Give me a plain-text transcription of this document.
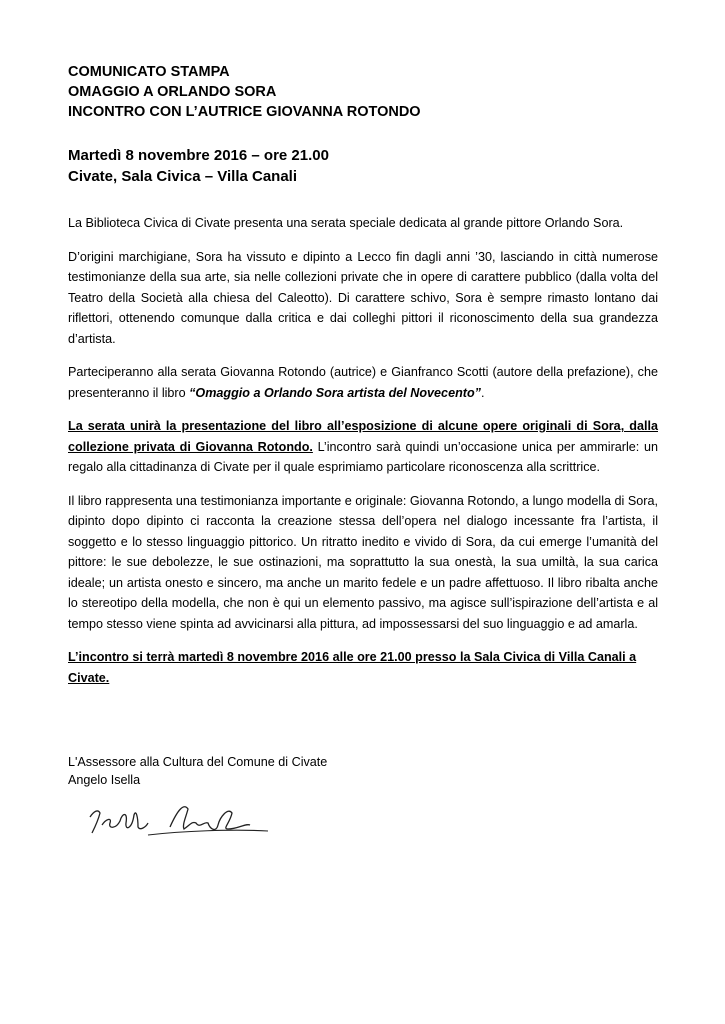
COMUNICATO STAMPA
OMAGGIO A ORLANDO SORA
INCONTRO CON L’AUTRICE GIOVANNA ROTONDO
Martedì 8 novembre 2016 – ore 21.00
Civate, Sala Civica – Villa Canali

La Biblioteca Civica di Civate presenta una serata speciale dedicata al grande pittore Orlando Sora.

D’origini marchigiane, Sora ha vissuto e dipinto a Lecco fin dagli anni ’30, lasciando in città numerose testimonianze della sua arte, sia nelle collezioni private che in opere di carattere pubblico (dalla volta del Teatro della Società alla chiesa del Caleotto). Di carattere schivo, Sora è sempre rimasto lontano dai riflettori, ottenendo comunque dalla critica e dai colleghi pittori il riconoscimento della sua grandezza d’artista.

Parteciperanno alla serata Giovanna Rotondo (autrice) e Gianfranco Scotti (autore della prefazione), che presenteranno il libro “Omaggio a Orlando Sora artista del Novecento”.

La serata unirà la presentazione del libro all’esposizione di alcune opere originali di Sora, dalla collezione privata di Giovanna Rotondo. L’incontro sarà quindi un’occasione unica per ammirarle: un regalo alla cittadinanza di Civate per il quale esprimiamo particolare riconoscenza alla scrittrice.

Il libro rappresenta una testimonianza importante e originale: Giovanna Rotondo, a lungo modella di Sora, dipinto dopo dipinto ci racconta la creazione stessa dell’opera nel dialogo incessante fra l’artista, il soggetto e lo stesso linguaggio pittorico. Un ritratto inedito e vivido di Sora, da cui emerge l’umanità del pittore: le sue debolezze, le sue ostinazioni, ma soprattutto la sua onestà, la sua umiltà, la sua carica ideale; un artista onesto e sincero, ma anche un marito fedele e un padre affettuoso. Il libro ribalta anche lo stereotipo della modella, che non è qui un elemento passivo, ma agisce sull’ispirazione dell’artista e al tempo stesso viene spinta ad avvicinarsi alla pittura, ad impossessarsi del suo linguaggio e ad amarla.

L’incontro si terrà martedì 8 novembre 2016 alle ore 21.00 presso la Sala Civica di Villa Canali a Civate.

L'Assessore alla Cultura del Comune di Civate
Angelo Isella
